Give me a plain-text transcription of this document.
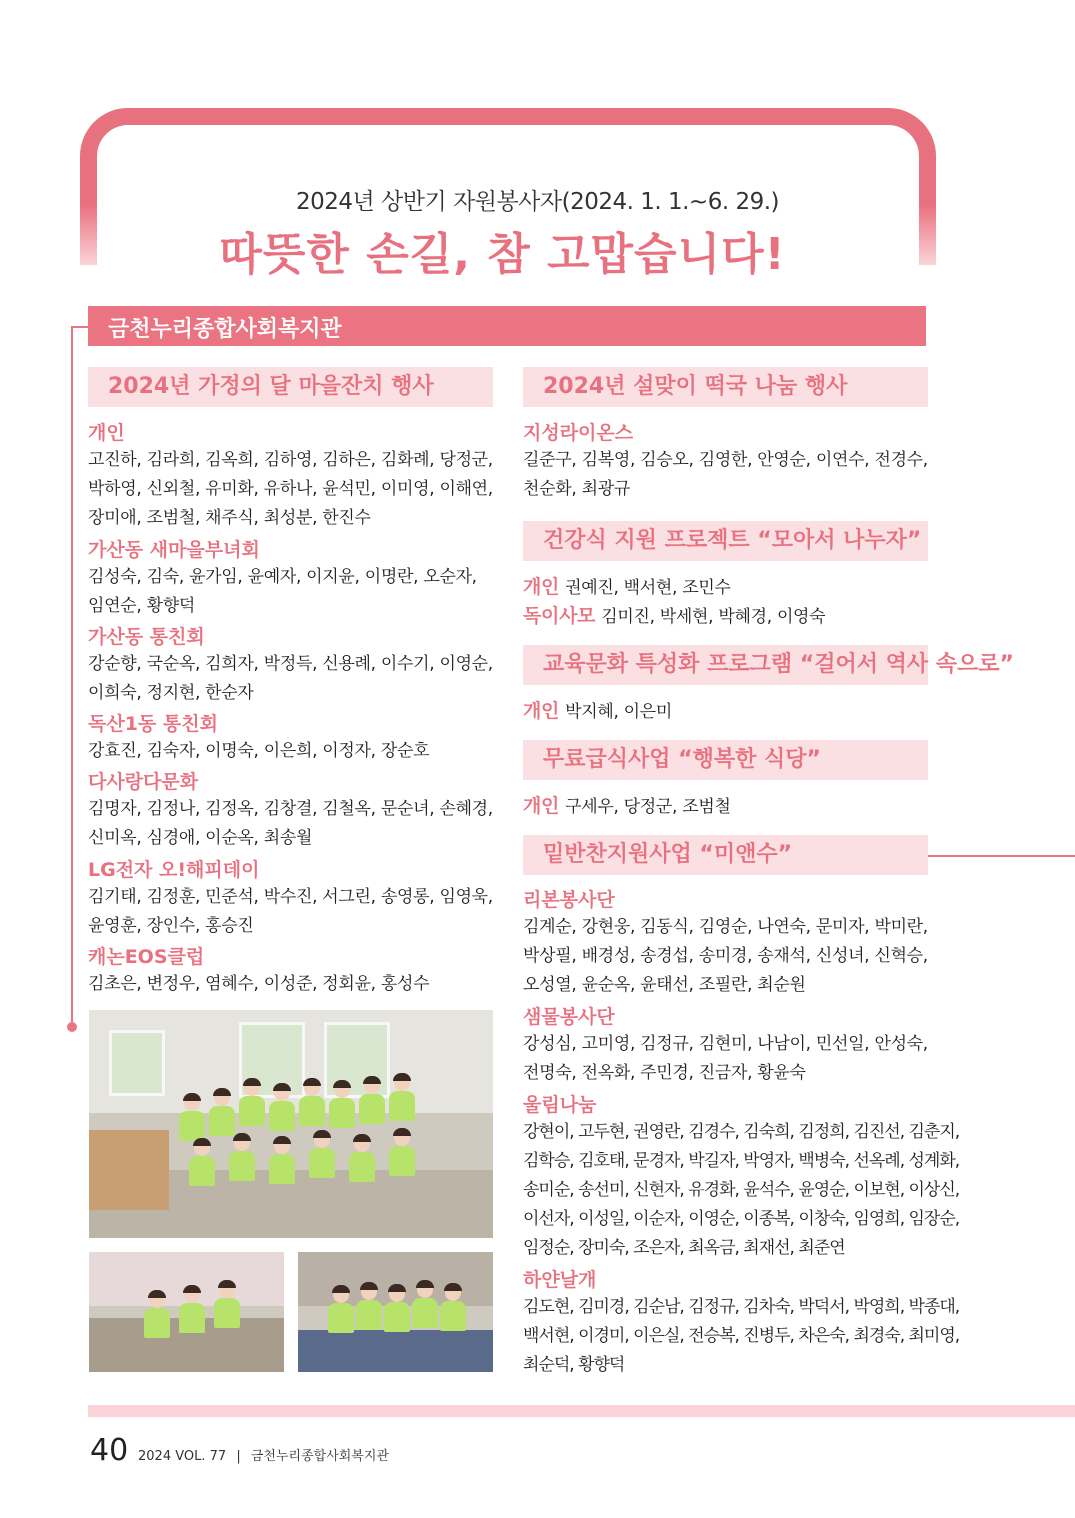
2024년 상반기 자원봉사자(2024. 1. 1.~6. 29.)
따뜻한 손길, 참 고맙습니다!
금천누리종합사회복지관
2024년 가정의 달 마을잔치 행사
개인
고진하, 김라희, 김옥희, 김하영, 김하은, 김화례, 당정군,
박하영, 신외철, 유미화, 유하나, 윤석민, 이미영, 이해연,
장미애, 조범철, 채주식, 최성분, 한진수
가산동 새마을부녀회
김성숙, 김숙, 윤가임, 윤예자, 이지윤, 이명란, 오순자,
임연순, 황향덕
가산동 통친회
강순향, 국순옥, 김희자, 박정득, 신용례, 이수기, 이영순,
이희숙, 정지현, 한순자
독산1동 통친회
강효진, 김숙자, 이명숙, 이은희, 이정자, 장순호
다사랑다문화
김명자, 김정나, 김정옥, 김창결, 김철옥, 문순녀, 손혜경,
신미옥, 심경애, 이순옥, 최송월
LG전자 오!해피데이
김기태, 김정훈, 민준석, 박수진, 서그린, 송영롱, 임영욱,
윤영훈, 장인수, 홍승진
캐논EOS클럽
김초은, 변정우, 염혜수, 이성준, 정회윤, 홍성수
2024년 설맞이 떡국 나눔 행사
지성라이온스
길준구, 김복영, 김승오, 김영한, 안영순, 이연수, 전경수,
천순화, 최광규
건강식 지원 프로젝트 “모아서 나누자”
개인 권예진, 백서현, 조민수
독이사모 김미진, 박세현, 박혜경, 이영숙
교육문화 특성화 프로그램 “걸어서 역사 속으로”
개인 박지혜, 이은미
무료급식사업 “행복한 식당”
개인 구세우, 당정군, 조범철
밑반찬지원사업 “미앤수”
리본봉사단
김계순, 강현웅, 김동식, 김영순, 나연숙, 문미자, 박미란,
박상필, 배경성, 송경섭, 송미경, 송재석, 신성녀, 신혁승,
오성열, 윤순옥, 윤태선, 조필란, 최순원
샘물봉사단
강성심, 고미영, 김정규, 김현미, 나남이, 민선일, 안성숙,
전명숙, 전옥화, 주민경, 진금자, 황윤숙
울림나눔
강현이, 고두현, 권영란, 김경수, 김숙희, 김정희, 김진선, 김춘지,
김학승, 김호태, 문경자, 박길자, 박영자, 백병숙, 선옥례, 성계화,
송미순, 송선미, 신현자, 유경화, 윤석수, 윤영순, 이보현, 이상신,
이선자, 이성일, 이순자, 이영순, 이종복, 이창숙, 임영희, 임장순,
임정순, 장미숙, 조은자, 최옥금, 최재선, 최준연
하얀날개
김도현, 김미경, 김순남, 김정규, 김차숙, 박덕서, 박영희, 박종대,
백서현, 이경미, 이은실, 전승복, 진병두, 차은숙, 최경숙, 최미영,
최순덕, 황향덕
40 2024 VOL. 77 | 금천누리종합사회복지관
